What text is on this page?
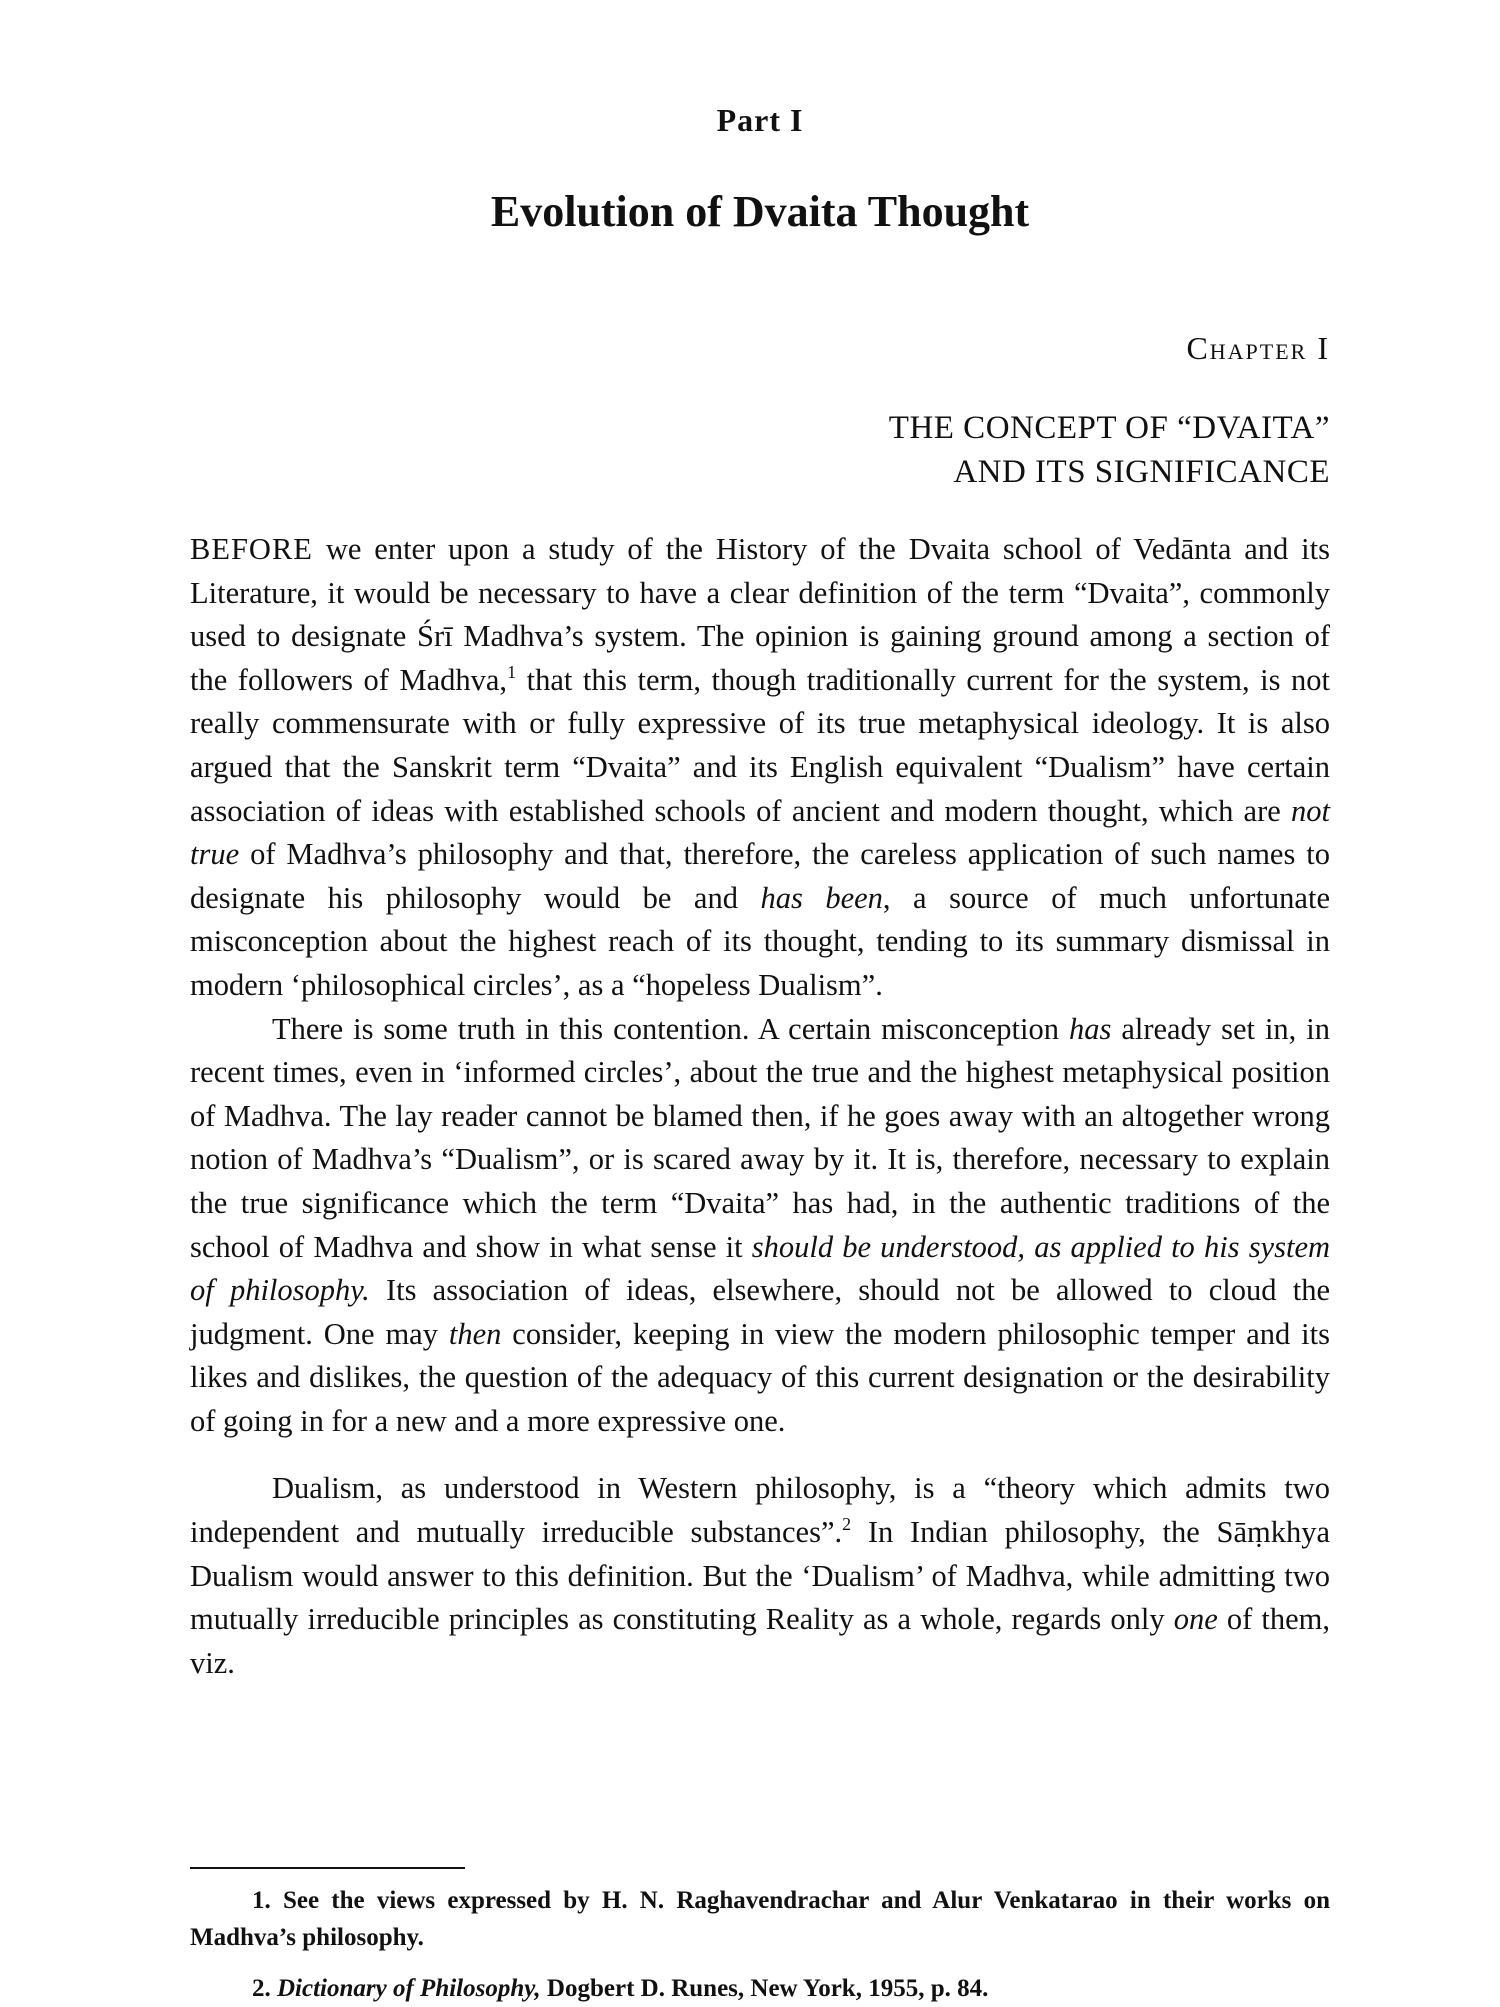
Part I
Evolution of Dvaita Thought
Chapter I
THE CONCEPT OF “DVAITA”
AND ITS SIGNIFICANCE

BEFORE we enter upon a study of the History of the Dvaita school of Vedānta and its Literature, it would be necessary to have a clear definition of the term “Dvaita”, commonly used to designate Śrī Madhva’s system. The opinion is gaining ground among a section of the followers of Madhva,$^1$ that this term, though traditionally current for the system, is not really commensurate with or fully expressive of its true metaphysical ideology. It is also argued that the Sanskrit term “Dvaita” and its English equivalent “Dualism” have certain association of ideas with established schools of ancient and modern thought, which are not true of Madhva’s philosophy and that, therefore, the careless application of such names to designate his philosophy would be and has been, a source of much unfortunate misconception about the highest reach of its thought, tending to its summary dismissal in modern ‘philosophical circles’, as a “hopeless Dualism”.

There is some truth in this contention. A certain misconception has already set in, in recent times, even in ‘informed circles’, about the true and the highest metaphysical position of Madhva. The lay reader cannot be blamed then, if he goes away with an altogether wrong notion of Madhva’s “Dualism”, or is scared away by it. It is, therefore, necessary to explain the true significance which the term “Dvaita” has had, in the authentic traditions of the school of Madhva and show in what sense it should be understood, as applied to his system of philosophy. Its association of ideas, elsewhere, should not be allowed to cloud the judgment. One may then consider, keeping in view the modern philosophic temper and its likes and dislikes, the question of the adequacy of this current designation or the desirability of going in for a new and a more expressive one.

Dualism, as understood in Western philosophy, is a “theory which admits two independent and mutually irreducible substances”.$^2$ In Indian philosophy, the Sāṃkhya Dualism would answer to this definition. But the ‘Dualism’ of Madhva, while admitting two mutually irreducible principles as constituting Reality as a whole, regards only one of them, viz.

1. See the views expressed by H. N. Raghavendrachar and Alur Venkatarao in their works on Madhva’s philosophy.

2. Dictionary of Philosophy, Dogbert D. Runes, New York, 1955, p. 84.
